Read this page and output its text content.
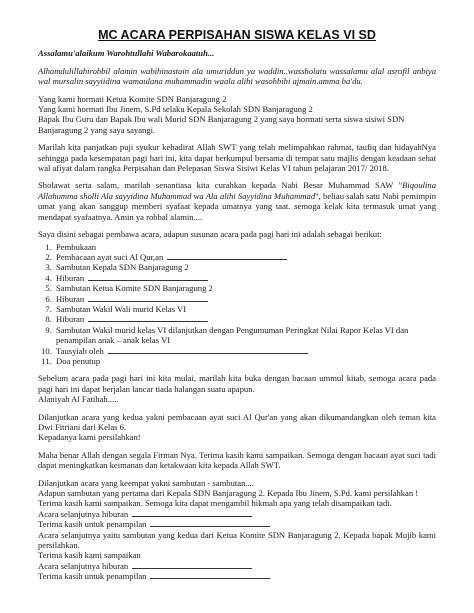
MC ACARA PERPISAHAN SISWA KELAS VI SD

Assalamu'alaikum Warohtullahi Wabarokaatuh...

Alhamdulillahirobbil alamin wabihinastain ala umuriddun ya waddin..wassholatu wassalamu alal asrofil anbiya wal mursalin sayyiidina wamaulana muhammadin waala alihi wasohbihi ajmain.amma ba'du.

Yang kami hormati Ketua Komite SDN Banjaragung 2
Yang kami hormati Ibu Jinem, S.Pd selaku Kepala Sekolah SDN Banjaragung 2
Bapak Ibu Guru dan Bapak Ibu wali Murid SDN Banjaragung 2 yang saya hormati serta siswa sisiwi SDN Banjaragung 2 yang saya sayangi.

Marilah kita panjatkan puji syukur kehadirat Allah SWT yang telah melimpahkan rahmat, taufiq dan hidayahNya sehingga pada kesempatan pagi hari ini, kita dapat berkumpul bersama di tempat satu majlis dengan keadaan sehat wal afiyat dalam rangka Perpisahan dan Pelepasan Siswa Sisiwi Kelas VI tahun pelajaran 2017/ 2018.

Sholawat serta salam, marilah senantiasa kita curahkan kepada Nabi Besar Muhammad SAW "Biqoulina Allahumma sholli Ala sayyidina Muhammad wa Ala alihi Sayyidina Muhammad", beliau salah satu Nabi pemimpin umat yang akan sanggup memberi syafaat kepada umatnya yang taat. semoga kelak kita termasuk umat yang mendapat syafaatnya. Amin ya robbal alamin....

Saya disini sebagai pembawa acara, adapun susunan acara pada pagi hari ini adalah sebagai berikut:

1. Pembukaan
2. Pembacaan ayat suci Al Qur,an
3. Sambutan Kepala SDN Banjaragung 2
4. Hiburan
5. Sambutan Ketua Komite SDN Banjaragung 2
6. Hiburan
7. Sambutan Wakil Wali murid Kelas VI
8. Hiburan
9. Sambutan Wakil murid kelas VI dilanjutkan dengan Pengumuman Peringkat Nilai Rapor Kelas VI dan penampilan anak – anak kelas VI
10. Tausyiah oleh
11. Doa penutup

Sebelum acara pada pagi hari ini kita mulai, marilah kita buka dengan bacaan ummul kitab, semoga acara pada pagi hari ini dapat berjalan lancar tiada halangan suatu apapun.
Alaniyah Al Fatihah.....

Dilanjutkan acara yang kedua yakni pembacaan ayat suci Al Qur'an yang akan dikumandangkan oleh teman kita Dwi Fitriani dari Kelas 6.
Kepadanya kami persilahkan!

Maha benar Allah dengan segala Firman Nya. Terima kasih kami sampaikan. Semoga dengan bacaan ayat suci tadi dapat meningkatkan keimanan dan ketakwaan kita kepada Allah SWT.

Dilanjutkan acara yang keempat yakni sambutan - sambutan....
Adapun sambutan yang pertama dari Kepala SDN Banjaragung 2. Kepada Ibu Jinem, S.Pd. kami persilahkan !
Terima kasih kami sampaikan. Semoga kita dapat mengambil hikmah apa yang telah disampaikan tadi.
Acara selanjutnya hiburan
Terima kasih untuk penampilan
Acara selanjutnya yaitu sambutan yang kedua dari Ketua Komite SDN Banjaragung 2. Kepada bapak Mujib kami persilahkan.
Terima kasih kami sampaikan
Acara selanjutnya hiburan
Terima kasih untuk penampilan
